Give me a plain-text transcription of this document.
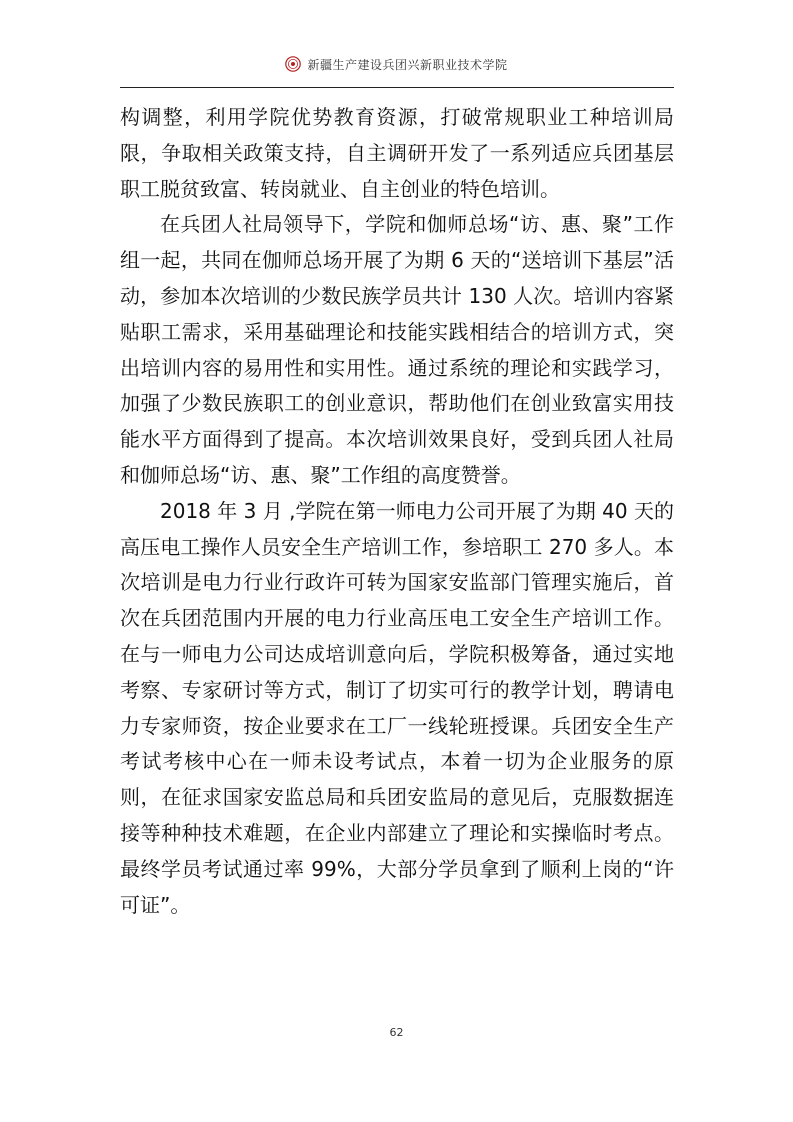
新疆生产建设兵团兴新职业技术学院

构调整，利用学院优势教育资源，打破常规职业工种培训局限，争取相关政策支持，自主调研开发了一系列适应兵团基层职工脱贫致富、转岗就业、自主创业的特色培训。

在兵团人社局领导下，学院和伽师总场“访、惠、聚”工作组一起，共同在伽师总场开展了为期 6 天的“送培训下基层”活动，参加本次培训的少数民族学员共计 130 人次。培训内容紧贴职工需求，采用基础理论和技能实践相结合的培训方式，突出培训内容的易用性和实用性。通过系统的理论和实践学习，加强了少数民族职工的创业意识，帮助他们在创业致富实用技能水平方面得到了提高。本次培训效果良好，受到兵团人社局和伽师总场“访、惠、聚”工作组的高度赞誉。

2018 年 3 月 ,学院在第一师电力公司开展了为期 40 天的高压电工操作人员安全生产培训工作，参培职工 270 多人。本次培训是电力行业行政许可转为国家安监部门管理实施后，首次在兵团范围内开展的电力行业高压电工安全生产培训工作。在与一师电力公司达成培训意向后，学院积极筹备，通过实地考察、专家研讨等方式，制订了切实可行的教学计划，聘请电力专家师资，按企业要求在工厂一线轮班授课。兵团安全生产考试考核中心在一师未设考试点，本着一切为企业服务的原则，在征求国家安监总局和兵团安监局的意见后，克服数据连接等种种技术难题，在企业内部建立了理论和实操临时考点。最终学员考试通过率 99%，大部分学员拿到了顺利上岗的“许可证”。

62
